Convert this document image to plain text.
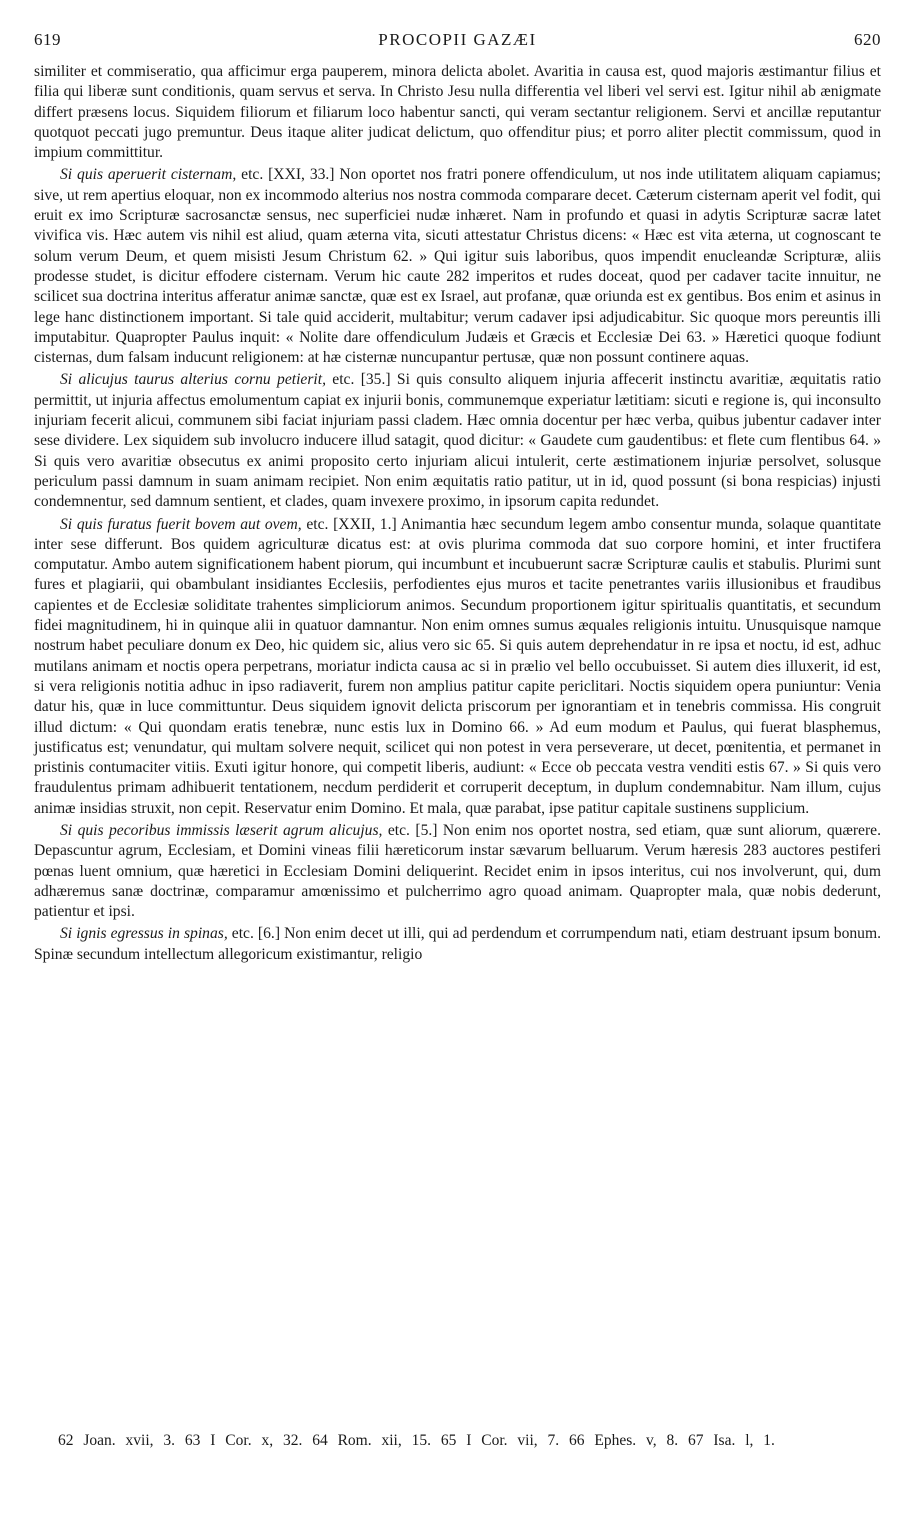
619	PROCOPII GAZÆI	620

similiter et commiseratio, qua afficimur erga pauperem, minora delicta abolet. Avaritia in causa est, quod majoris æstimantur filius et filia qui liberæ sunt conditionis, quam servus et serva. In Christo Jesu nulla differentia vel liberi vel servi est. Igitur nihil ab ænigmate differt præsens locus. Siquidem filiorum et filiarum loco habentur sancti, qui veram sectantur religionem. Servi et ancillæ reputantur quotquot peccati jugo premuntur. Deus itaque aliter judicat delictum, quo offenditur pius; et porro aliter plectit commissum, quod in impium committitur.

Si quis aperuerit cisternam, etc. [XXI, 33.] Non oportet nos fratri ponere offendiculum, ut nos inde utilitatem aliquam capiamus; sive, ut rem apertius eloquar, non ex incommodo alterius nos nostra commoda comparare decet. Cæterum cisternam aperit vel fodit, qui eruit ex imo Scripturæ sacrosanctæ sensus, nec superficiei nudæ inhæret. Nam in profundo et quasi in adytis Scripturæ sacræ latet vivifica vis. Hæc autem vis nihil est aliud, quam æterna vita, sicuti attestatur Christus dicens: « Hæc est vita æterna, ut cognoscant te solum verum Deum, et quem misisti Jesum Christum 62. » Qui igitur suis laboribus, quos impendit enucleandæ Scripturæ, aliis prodesse studet, is dicitur effodere cisternam. Verum hic caute 282 imperitos et rudes doceat, quod per cadaver tacite innuitur, ne scilicet sua doctrina interitus afferatur animæ sanctæ, quæ est ex Israel, aut profanæ, quæ oriunda est ex gentibus. Bos enim et asinus in lege hanc distinctionem important. Si tale quid acciderit, multabitur; verum cadaver ipsi adjudicabitur. Sic quoque mors pereuntis illi imputabitur. Quapropter Paulus inquit: « Nolite dare offendiculum Judæis et Græcis et Ecclesiæ Dei 63. » Hæretici quoque fodiunt cisternas, dum falsam inducunt religionem: at hæ cisternæ nuncupantur pertusæ, quæ non possunt continere aquas.

Si alicujus taurus alterius cornu petierit, etc. [35.] Si quis consulto aliquem injuria affecerit instinctu avaritiæ, æquitatis ratio permittit, ut injuria affectus emolumentum capiat ex injurii bonis, communemque experiatur lætitiam: sicuti e regione is, qui inconsulto injuriam fecerit alicui, communem sibi faciat injuriam passi cladem. Hæc omnia docentur per hæc verba, quibus jubentur cadaver inter sese dividere. Lex siquidem sub involucro inducere illud satagit, quod dicitur: « Gaudete cum gaudentibus: et flete cum flentibus 64. » Si quis vero avaritiæ obsecutus ex animi proposito certo injuriam alicui intulerit, certe æstimationem injuriæ persolvet, solusque periculum passi damnum in suam animam recipiet. Non enim æquitatis ratio patitur, ut in id, quod possunt (si bona respicias) injusti condemnentur, sed damnum sentient, et clades, quam invexere proximo, in ipsorum capita redundet.

Si quis furatus fuerit bovem aut ovem, etc. [XXII, 1.] Animantia hæc secundum legem ambo consentur munda, solaque quantitate inter sese differunt. Bos quidem agriculturæ dicatus est: at ovis plurima commoda dat suo corpore homini, et inter fructifera computatur. Ambo autem significationem habent piorum, qui incumbunt et incubuerunt sacræ Scripturæ caulis et stabulis. Plurimi sunt fures et plagiarii, qui obambulant insidiantes Ecclesiis, perfodientes ejus muros et tacite penetrantes variis illusionibus et fraudibus capientes et de Ecclesiæ soliditate trahentes simpliciorum animos. Secundum proportionem igitur spiritualis quantitatis, et secundum fidei magnitudinem, hi in quinque alii in quatuor damnantur. Non enim omnes sumus æquales religionis intuitu. Unusquisque namque nostrum habet peculiare donum ex Deo, hic quidem sic, alius vero sic 65. Si quis autem deprehendatur in re ipsa et noctu, id est, adhuc mutilans animam et noctis opera perpetrans, moriatur indicta causa ac si in prælio vel bello occubuisset. Si autem dies illuxerit, id est, si vera religionis notitia adhuc in ipso radiaverit, furem non amplius patitur capite periclitari. Noctis siquidem opera puniuntur: Venia datur his, quæ in luce committuntur. Deus siquidem ignovit delicta priscorum per ignorantiam et in tenebris commissa. His congruit illud dictum: « Qui quondam eratis tenebræ, nunc estis lux in Domino 66. » Ad eum modum et Paulus, qui fuerat blasphemus, justificatus est; venundatur, qui multam solvere nequit, scilicet qui non potest in vera perseverare, ut decet, pœnitentia, et permanet in pristinis contumaciter vitiis. Exuti igitur honore, qui competit liberis, audiunt: « Ecce ob peccata vestra venditi estis 67. » Si quis vero fraudulentus primam adhibuerit tentationem, necdum perdiderit et corruperit deceptum, in duplum condemnabitur. Nam illum, cujus animæ insidias struxit, non cepit. Reservatur enim Domino. Et mala, quæ parabat, ipse patitur capitale sustinens supplicium.

Si quis pecoribus immissis læserit agrum alicujus, etc. [5.] Non enim nos oportet nostra, sed etiam, quæ sunt aliorum, quærere. Depascuntur agrum, Ecclesiam, et Domini vineas filii hæreticorum instar sævarum belluarum. Verum hæresis 283 auctores pestiferi pœnas luent omnium, quæ hæretici in Ecclesiam Domini deliquerint. Recidet enim in ipsos interitus, cui nos involverunt, qui, dum adhæremus sanæ doctrinæ, comparamur amœnissimo et pulcherrimo agro quoad animam. Quapropter mala, quæ nobis dederunt, patientur et ipsi.

Si ignis egressus in spinas, etc. [6.] Non enim decet ut illi, qui ad perdendum et corrumpendum nati, etiam destruant ipsum bonum. Spinæ secundum intellectum allegoricum existimantur, religio

62 Joan. xvii, 3. 63 I Cor. x, 32. 64 Rom. xii, 15. 65 I Cor. vii, 7. 66 Ephes. v, 8. 67 Isa. l, 1.
